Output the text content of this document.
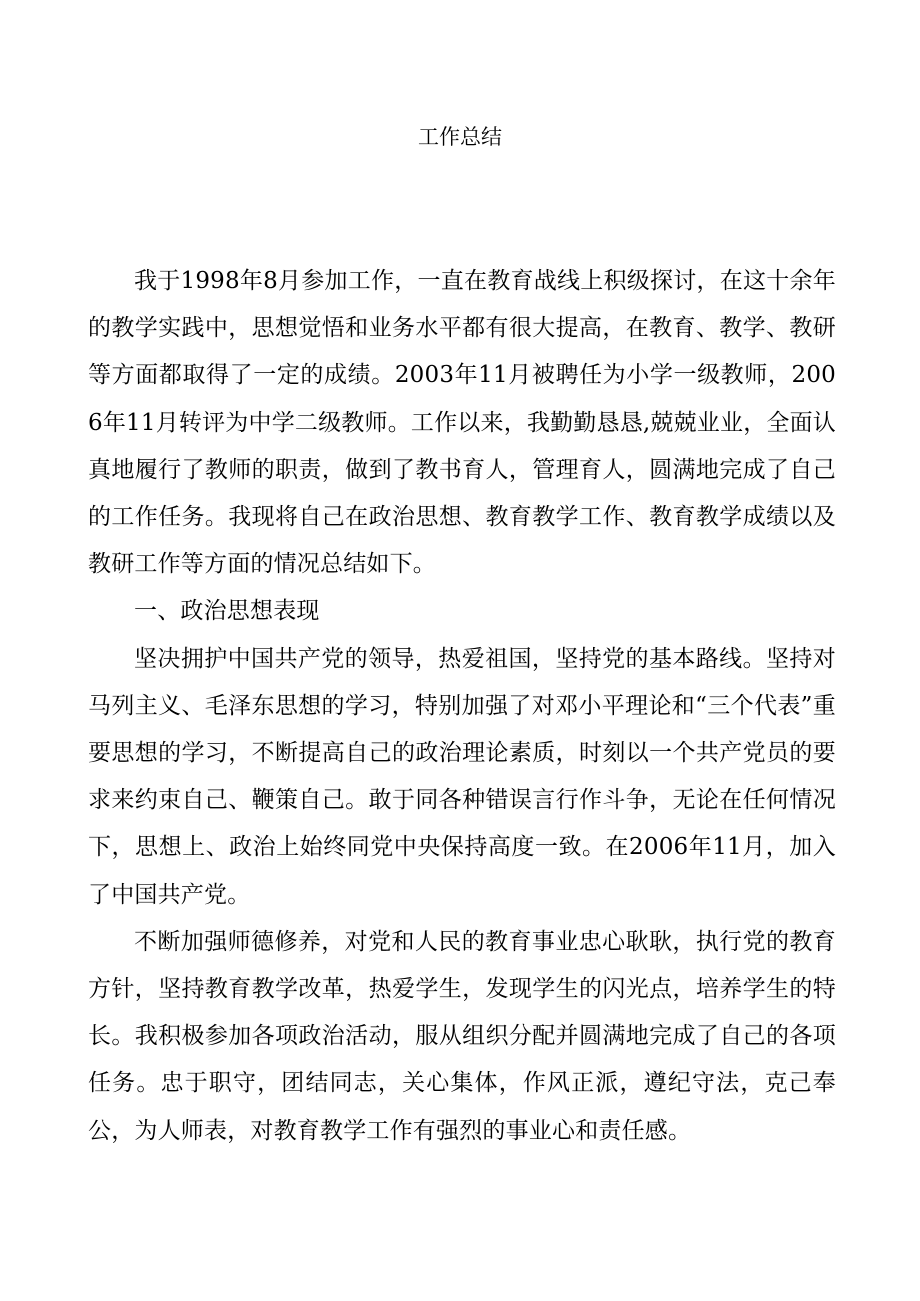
工作总结

我于1998年8月参加工作，一直在教育战线上积级探讨，在这十余年的教学实践中，思想觉悟和业务水平都有很大提高，在教育、教学、教研等方面都取得了一定的成绩。2003年11月被聘任为小学一级教师，2006年11月转评为中学二级教师。工作以来，我勤勤恳恳,兢兢业业，全面认真地履行了教师的职责，做到了教书育人，管理育人，圆满地完成了自己的工作任务。我现将自己在政治思想、教育教学工作、教育教学成绩以及教研工作等方面的情况总结如下。

一、政治思想表现

坚决拥护中国共产党的领导，热爱祖国，坚持党的基本路线。坚持对马列主义、毛泽东思想的学习，特别加强了对邓小平理论和“三个代表”重要思想的学习，不断提高自己的政治理论素质，时刻以一个共产党员的要求来约束自己、鞭策自己。敢于同各种错误言行作斗争，无论在任何情况下，思想上、政治上始终同党中央保持高度一致。在2006年11月，加入了中国共产党。

不断加强师德修养，对党和人民的教育事业忠心耿耿，执行党的教育方针，坚持教育教学改革，热爱学生，发现学生的闪光点，培养学生的特长。我积极参加各项政治活动，服从组织分配并圆满地完成了自己的各项任务。忠于职守，团结同志，关心集体，作风正派，遵纪守法，克己奉公，为人师表，对教育教学工作有强烈的事业心和责任感。
